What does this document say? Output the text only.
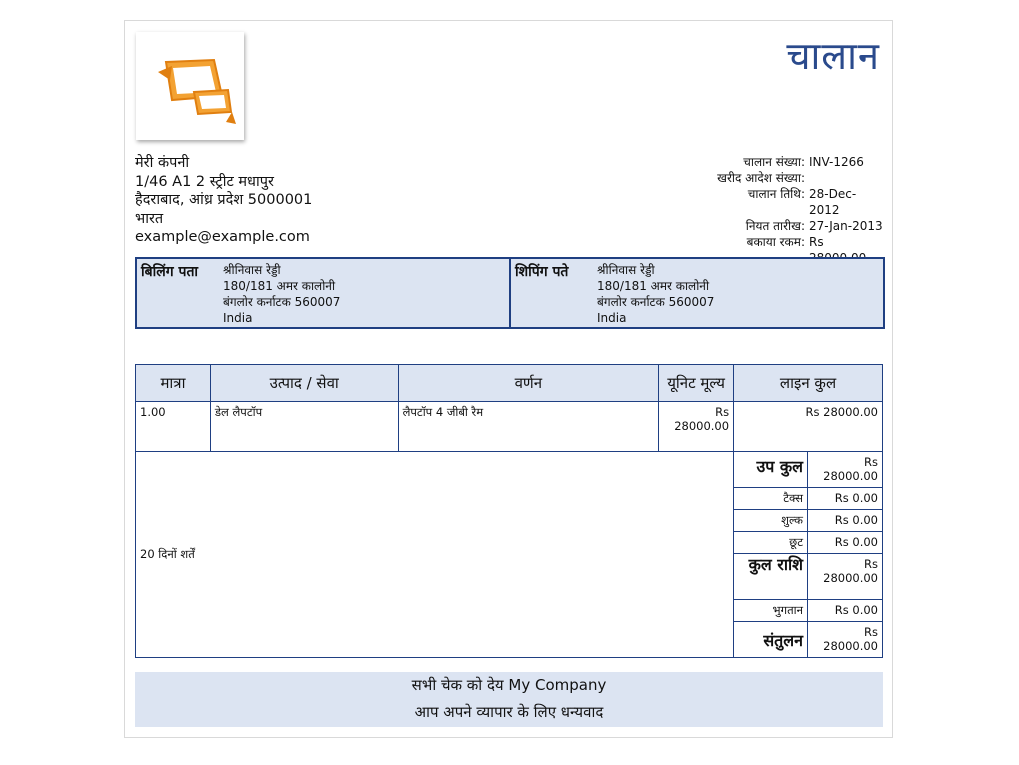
चालान
मेरी कंपनी
1/46 A1 2 स्ट्रीट मधापुर
हैदराबाद, आंध्र प्रदेश 5000001
भारत
example@example.com
चालान संख्या: INV-1266
खरीद आदेश संख्या:
चालान तिथि: 28-Dec-2012
नियत तारीख: 27-Jan-2013
बकाया रकम: Rs
बिलिंग पता	श्रीनिवास रेड्डी
180/181 अमर कालोनी
बंगलोर कर्नाटक 560007
India
शिपिंग पते	श्रीनिवास रेड्डी
180/181 अमर कालोनी
बंगलोर कर्नाटक 560007
India
मात्रा	उत्पाद / सेवा	वर्णन	यूनिट मूल्य	लाइन कुल	
1.00	डेल लैपटॉप	लैपटॉप 4 जीबी रैम	Rs 28000.00	Rs 28000.00	
20 दिनों शर्तें				उप कुल	Rs 28000.00
				टैक्स	Rs 0.00
				शुल्क	Rs 0.00
				छूट	Rs 0.00
				कुल राशि	Rs 28000.00
				भुगतान	Rs 0.00
				संतुलन	Rs 28000.00
सभी चेक को देय My Company
आप अपने व्यापार के लिए धन्यवाद
